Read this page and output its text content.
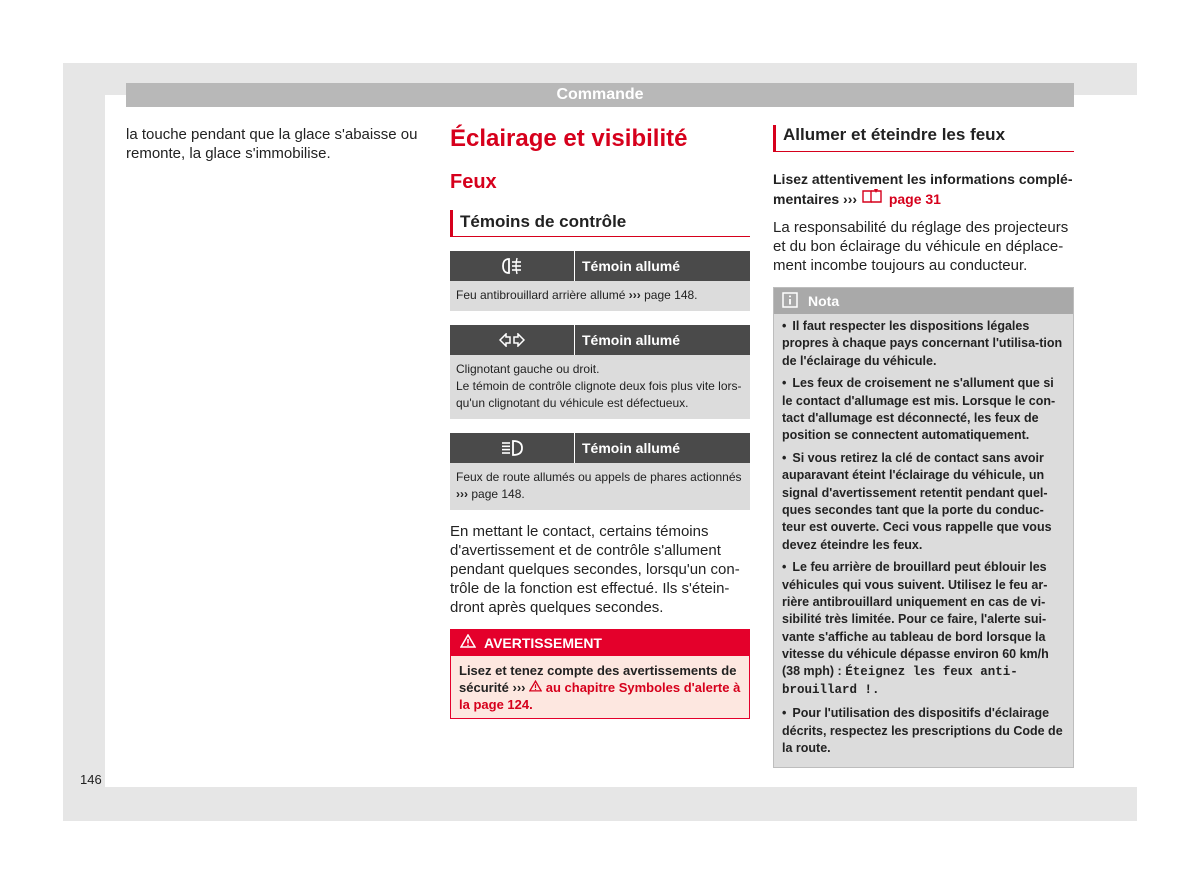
Commande
la touche pendant que la glace s'abaisse ou remonte, la glace s'immobilise.
Éclairage et visibilité
Feux
Témoins de contrôle
Témoin allumé
Feu antibrouillard arrière allumé ››› page 148.
Témoin allumé
Clignotant gauche ou droit.
Le témoin de contrôle clignote deux fois plus vite lors-qu'un clignotant du véhicule est défectueux.
Témoin allumé
Feux de route allumés ou appels de phares actionnés
››› page 148.
En mettant le contact, certains témoins d'avertissement et de contrôle s'allument pendant quelques secondes, lorsqu'un con-trôle de la fonction est effectué. Ils s'étein-dront après quelques secondes.
AVERTISSEMENT
Lisez et tenez compte des avertissements de sécurité ››› au chapitre Symboles d'alerte à la page 124.
Allumer et éteindre les feux
Lisez attentivement les informations complé-mentaires ››› page 31
La responsabilité du réglage des projecteurs et du bon éclairage du véhicule en déplace-ment incombe toujours au conducteur.
Nota
• Il faut respecter les dispositions légales propres à chaque pays concernant l'utilisa-tion de l'éclairage du véhicule.
• Les feux de croisement ne s'allument que si le contact d'allumage est mis. Lorsque le con-tact d'allumage est déconnecté, les feux de position se connectent automatiquement.
• Si vous retirez la clé de contact sans avoir auparavant éteint l'éclairage du véhicule, un signal d'avertissement retentit pendant quel-ques secondes tant que la porte du conduc-teur est ouverte. Ceci vous rappelle que vous devez éteindre les feux.
• Le feu arrière de brouillard peut éblouir les véhicules qui vous suivent. Utilisez le feu ar-rière antibrouillard uniquement en cas de vi-sibilité très limitée. Pour ce faire, l'alerte sui-vante s'affiche au tableau de bord lorsque la vitesse du véhicule dépasse environ 60 km/h (38 mph) : Éteignez les feux anti-brouillard !.
• Pour l'utilisation des dispositifs d'éclairage décrits, respectez les prescriptions du Code de la route.
146
